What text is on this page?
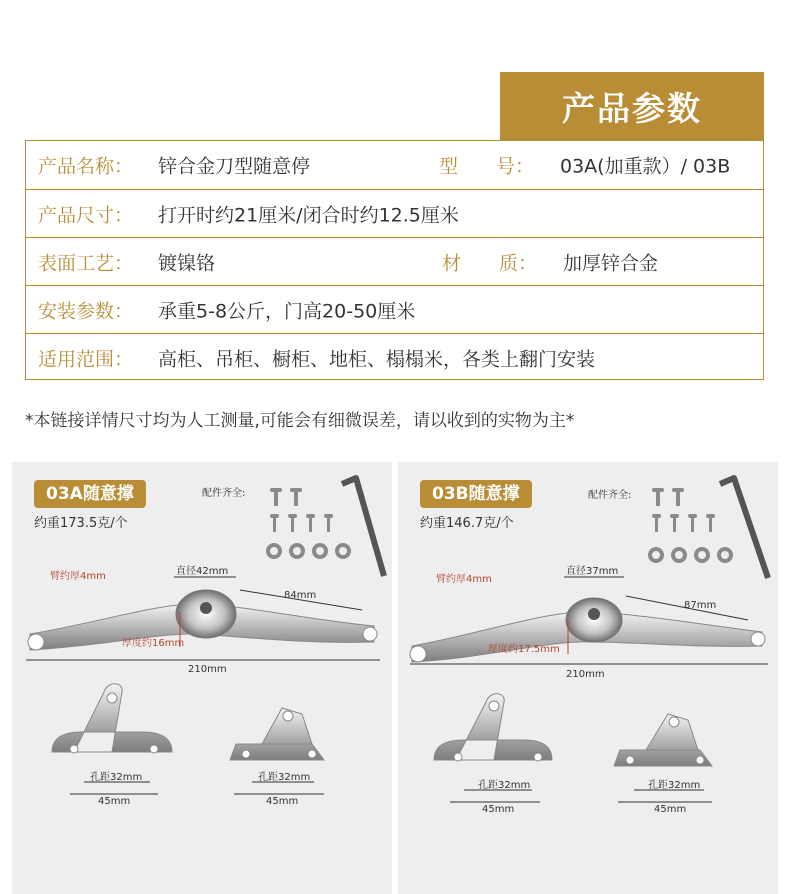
产品参数
产品名称： 锌合金刀型随意停	型　　号： 03A(加重款）/ 03B
产品尺寸： 打开时约21厘米/闭合时约12.5厘米
表面工艺： 镀镍铬	材　　质： 加厚锌合金
安装参数： 承重5-8公斤，门高20-50厘米
适用范围： 高柜、吊柜、橱柜、地柜、榻榻米，各类上翻门安装
*本链接详情尺寸均为人工测量,可能会有细微误差，请以收到的实物为主*
03A随意撑
约重173.5克/个
配件齐全:
臂约厚4mm	直径42mm
84mm
厚度约16mm
210mm
孔距32mm
45mm
孔距32mm
45mm
03B随意撑
约重146.7克/个
配件齐全:
臂约厚4mm
直径37mm
87mm
厚度约17.5mm
210mm
孔距32mm
45mm
孔距32mm
45mm
